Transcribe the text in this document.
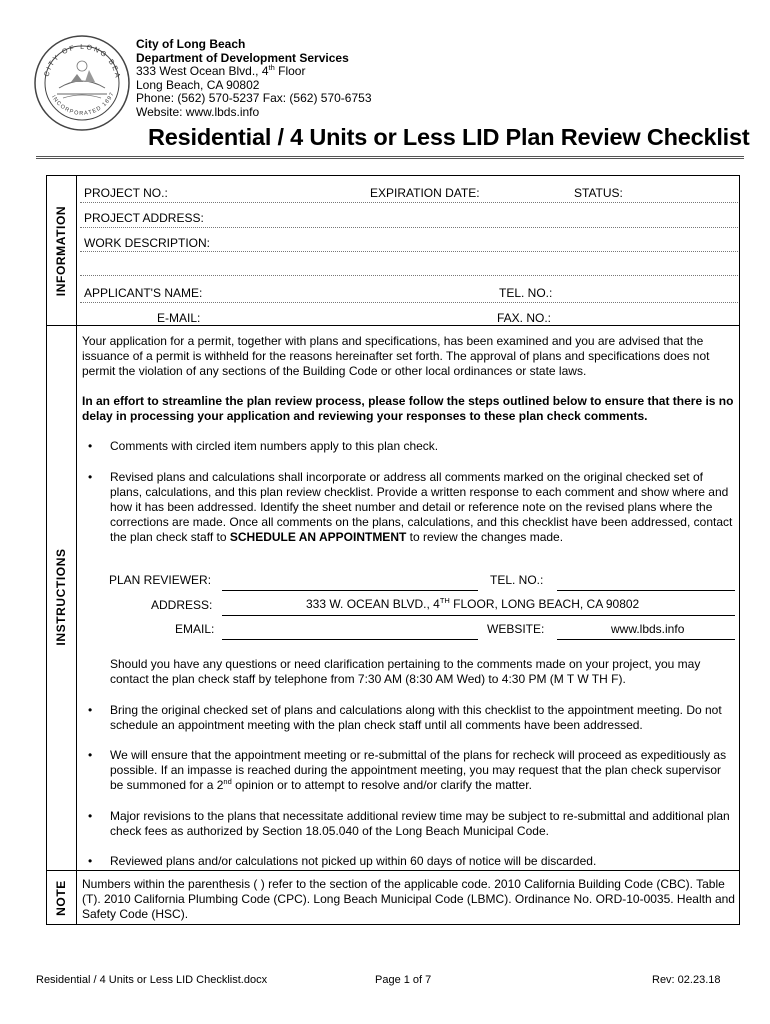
CITY OF LONG BEA
INCORPORATED 1897
City of Long Beach
Department of Development Services
333 West Ocean Blvd., 4th Floor
Long Beach, CA 90802
Phone: (562) 570-5237 Fax: (562) 570-6753
Website: www.lbds.info
Residential / 4 Units or Less LID Plan Review Checklist
INFORMATION
PROJECT NO.:	EXPIRATION DATE:	STATUS:
PROJECT ADDRESS:
WORK DESCRIPTION:
APPLICANT'S NAME:	TEL. NO.:
E-MAIL:	FAX. NO.:
INSTRUCTIONS
Your application for a permit, together with plans and specifications, has been examined and you are advised that the issuance of a permit is withheld for the reasons hereinafter set forth. The approval of plans and specifications does not permit the violation of any sections of the Building Code or other local ordinances or state laws.
In an effort to streamline the plan review process, please follow the steps outlined below to ensure that there is no delay in processing your application and reviewing your responses to these plan check comments.
• Comments with circled item numbers apply to this plan check.
• Revised plans and calculations shall incorporate or address all comments marked on the original checked set of plans, calculations, and this plan review checklist. Provide a written response to each comment and show where and how it has been addressed. Identify the sheet number and detail or reference note on the revised plans where the corrections are made. Once all comments on the plans, calculations, and this checklist have been addressed, contact the plan check staff to SCHEDULE AN APPOINTMENT to review the changes made.
PLAN REVIEWER:	TEL. NO.:
ADDRESS:	333 W. OCEAN BLVD., 4TH FLOOR, LONG BEACH, CA 90802
EMAIL:	WEBSITE:	www.lbds.info
Should you have any questions or need clarification pertaining to the comments made on your project, you may contact the plan check staff by telephone from 7:30 AM (8:30 AM Wed) to 4:30 PM (M T W TH F).
• Bring the original checked set of plans and calculations along with this checklist to the appointment meeting. Do not schedule an appointment meeting with the plan check staff until all comments have been addressed.
• We will ensure that the appointment meeting or re-submittal of the plans for recheck will proceed as expeditiously as possible. If an impasse is reached during the appointment meeting, you may request that the plan check supervisor be summoned for a 2nd opinion or to attempt to resolve and/or clarify the matter.
• Major revisions to the plans that necessitate additional review time may be subject to re-submittal and additional plan check fees as authorized by Section 18.05.040 of the Long Beach Municipal Code.
• Reviewed plans and/or calculations not picked up within 60 days of notice will be discarded.
NOTE Numbers within the parenthesis ( ) refer to the section of the applicable code. 2010 California Building Code (CBC). Table (T). 2010 California Plumbing Code (CPC). Long Beach Municipal Code (LBMC). Ordinance No. ORD-10-0035. Health and Safety Code (HSC).
Residential / 4 Units or Less LID Checklist.docx	Page 1 of 7	Rev: 02.23.18
